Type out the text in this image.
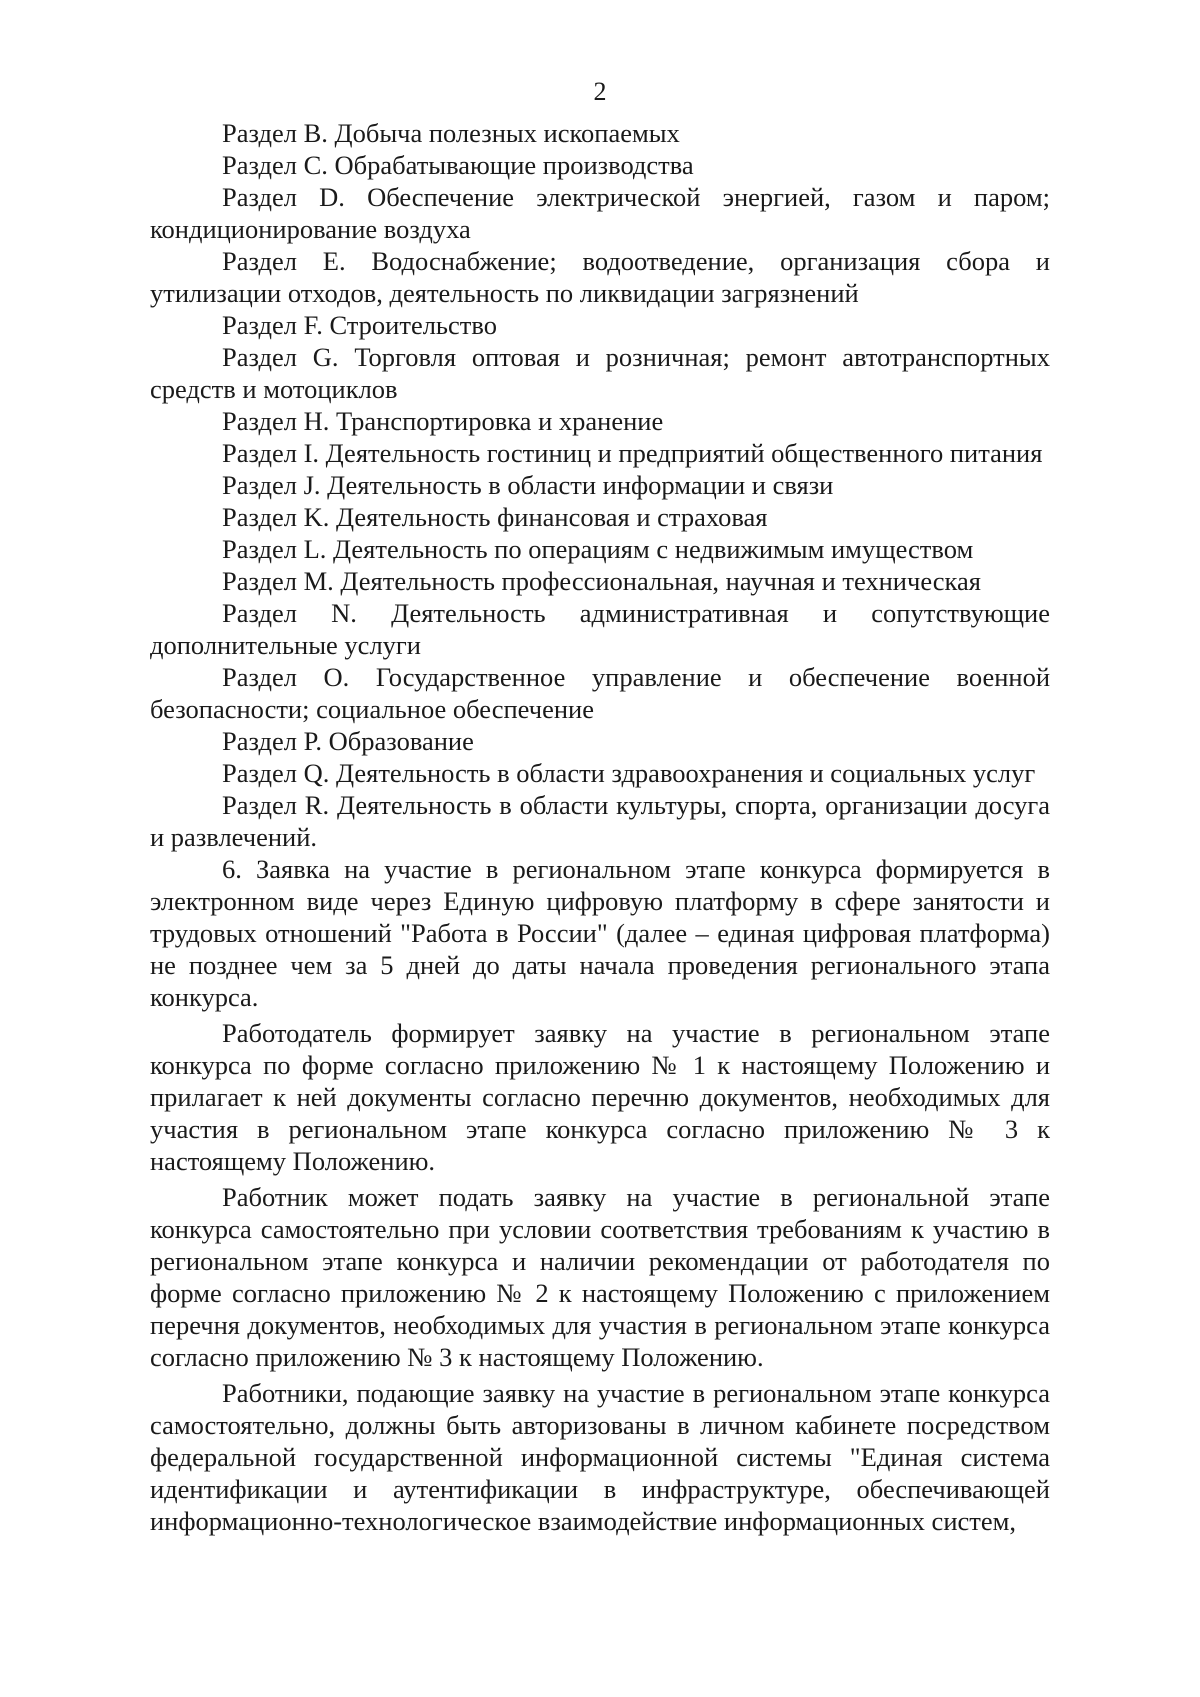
2

Раздел B. Добыча полезных ископаемых

Раздел C. Обрабатывающие производства

Раздел D. Обеспечение электрической энергией, газом и паром; кондиционирование воздуха

Раздел E. Водоснабжение; водоотведение, организация сбора и утилизации отходов, деятельность по ликвидации загрязнений

Раздел F. Строительство

Раздел G. Торговля оптовая и розничная; ремонт автотранспортных средств и мотоциклов

Раздел H. Транспортировка и хранение

Раздел I. Деятельность гостиниц и предприятий общественного питания

Раздел J. Деятельность в области информации и связи

Раздел K. Деятельность финансовая и страховая

Раздел L. Деятельность по операциям с недвижимым имуществом

Раздел M. Деятельность профессиональная, научная и техническая

Раздел N. Деятельность административная и сопутствующие дополнительные услуги

Раздел O. Государственное управление и обеспечение военной безопасности; социальное обеспечение

Раздел P. Образование

Раздел Q. Деятельность в области здравоохранения и социальных услуг

Раздел R. Деятельность в области культуры, спорта, организации досуга и развлечений.

6. Заявка на участие в региональном этапе конкурса формируется в электронном виде через Единую цифровую платформу в сфере занятости и трудовых отношений "Работа в России" (далее – единая цифровая платформа) не позднее чем за 5 дней до даты начала проведения регионального этапа конкурса.

Работодатель формирует заявку на участие в региональном этапе конкурса по форме согласно приложению № 1 к настоящему Положению и прилагает к ней документы согласно перечню документов, необходимых для участия в региональном этапе конкурса согласно приложению № 3 к настоящему Положению.

Работник может подать заявку на участие в региональной этапе конкурса самостоятельно при условии соответствия требованиям к участию в региональном этапе конкурса и наличии рекомендации от работодателя по форме согласно приложению № 2 к настоящему Положению с приложением перечня документов, необходимых для участия в региональном этапе конкурса согласно приложению № 3 к настоящему Положению.

Работники, подающие заявку на участие в региональном этапе конкурса самостоятельно, должны быть авторизованы в личном кабинете посредством федеральной государственной информационной системы "Единая система идентификации и аутентификации в инфраструктуре, обеспечивающей информационно-технологическое взаимодействие информационных систем,
